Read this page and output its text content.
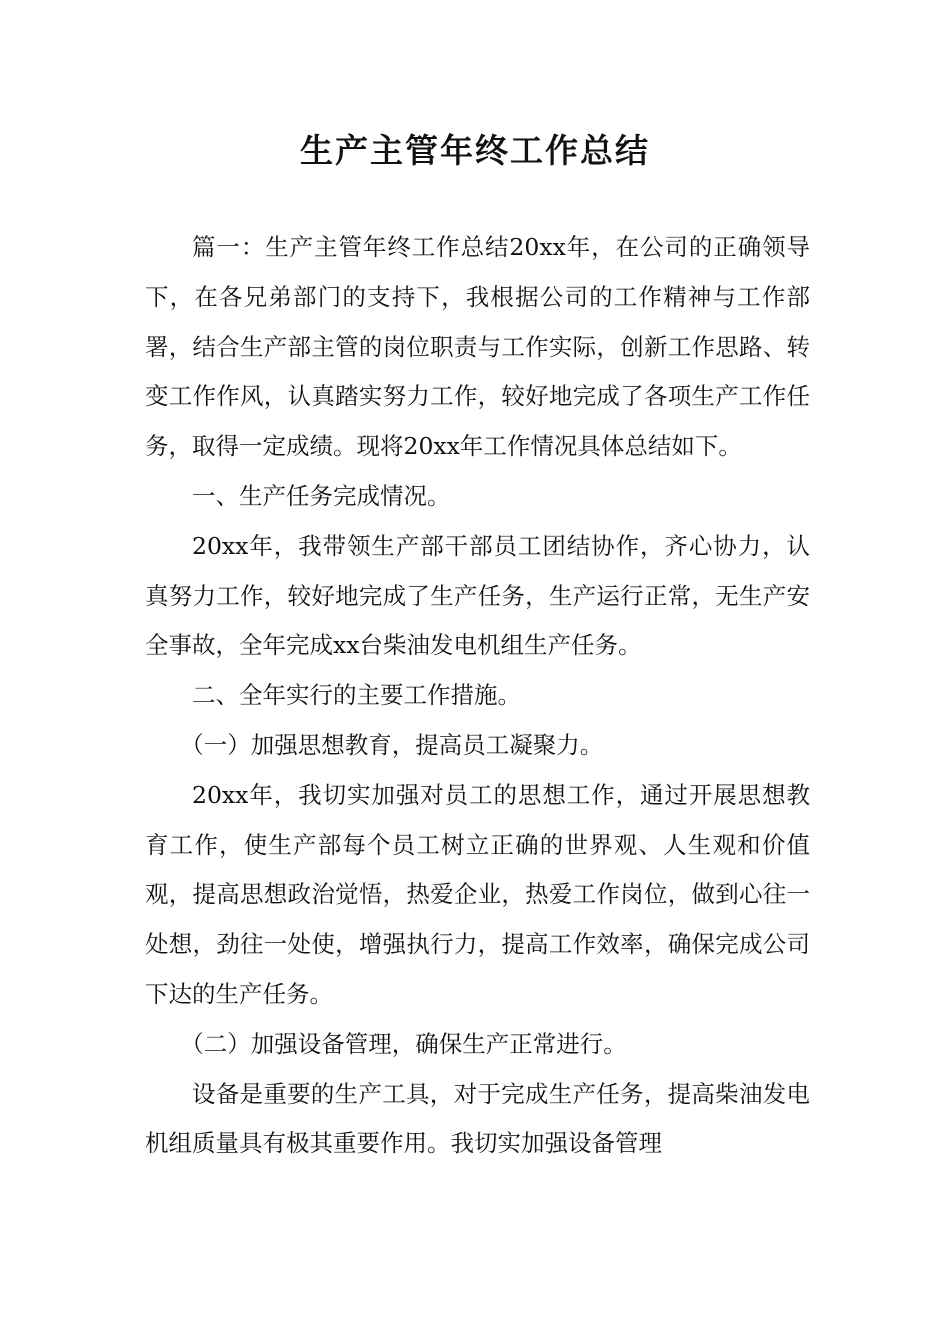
生产主管年终工作总结

篇一：生产主管年终工作总结20xx年，在公司的正确领导下，在各兄弟部门的支持下，我根据公司的工作精神与工作部署，结合生产部主管的岗位职责与工作实际，创新工作思路、转变工作作风，认真踏实努力工作，较好地完成了各项生产工作任务，取得一定成绩。现将20xx年工作情况具体总结如下。

一、生产任务完成情况。

20xx年，我带领生产部干部员工团结协作，齐心协力，认真努力工作，较好地完成了生产任务，生产运行正常，无生产安全事故，全年完成xx台柴油发电机组生产任务。

二、全年实行的主要工作措施。

（一）加强思想教育，提高员工凝聚力。

20xx年，我切实加强对员工的思想工作，通过开展思想教育工作，使生产部每个员工树立正确的世界观、人生观和价值观，提高思想政治觉悟，热爱企业，热爱工作岗位，做到心往一处想，劲往一处使，增强执行力，提高工作效率，确保完成公司下达的生产任务。

（二）加强设备管理，确保生产正常进行。

设备是重要的生产工具，对于完成生产任务，提高柴油发电机组质量具有极其重要作用。我切实加强设备管理
